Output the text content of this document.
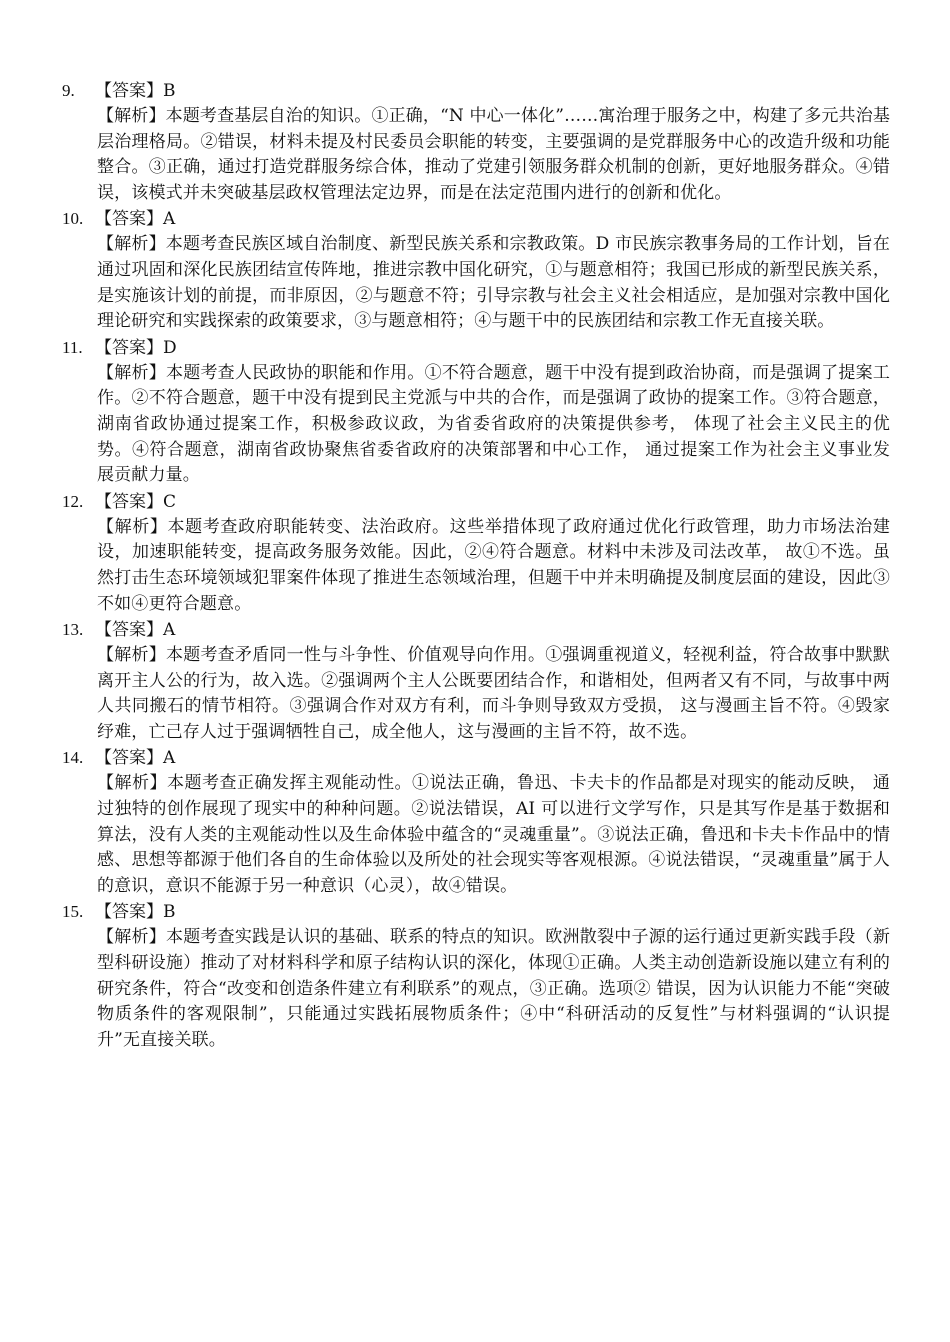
9. 【答案】B
【解析】本题考查基层自治的知识。①正确，“N 中心一体化”……寓治理于服务之中，构建了多元共治基层治理格局。②错误，材料未提及村民委员会职能的转变，主要强调的是党群服务中心的改造升级和功能整合。③正确，通过打造党群服务综合体，推动了党建引领服务群众机制的创新，更好地服务群众。④错误，该模式并未突破基层政权管理法定边界，而是在法定范围内进行的创新和优化。
10. 【答案】A
【解析】本题考查民族区域自治制度、新型民族关系和宗教政策。D 市民族宗教事务局的工作计划，旨在通过巩固和深化民族团结宣传阵地，推进宗教中国化研究，①与题意相符；我国已形成的新型民族关系，是实施该计划的前提，而非原因，②与题意不符；引导宗教与社会主义社会相适应，是加强对宗教中国化理论研究和实践探索的政策要求，③与题意相符；④与题干中的民族团结和宗教工作无直接关联。
11. 【答案】D
【解析】本题考查人民政协的职能和作用。①不符合题意，题干中没有提到政治协商，而是强调了提案工作。②不符合题意，题干中没有提到民主党派与中共的合作，而是强调了政协的提案工作。③符合题意，湖南省政协通过提案工作，积极参政议政，为省委省政府的决策提供参考， 体现了社会主义民主的优势。④符合题意，湖南省政协聚焦省委省政府的决策部署和中心工作， 通过提案工作为社会主义事业发展贡献力量。
12. 【答案】C
【解析】本题考查政府职能转变、法治政府。这些举措体现了政府通过优化行政管理，助力市场法治建设，加速职能转变，提高政务服务效能。因此，②④符合题意。材料中未涉及司法改革， 故①不选。虽然打击生态环境领域犯罪案件体现了推进生态领域治理，但题干中并未明确提及制度层面的建设，因此③不如④更符合题意。
13. 【答案】A
【解析】本题考查矛盾同一性与斗争性、价值观导向作用。①强调重视道义，轻视利益，符合故事中默默离开主人公的行为，故入选。②强调两个主人公既要团结合作，和谐相处，但两者又有不同，与故事中两人共同搬石的情节相符。③强调合作对双方有利，而斗争则导致双方受损， 这与漫画主旨不符。④毁家纾难，亡己存人过于强调牺牲自己，成全他人，这与漫画的主旨不符，故不选。
14. 【答案】A
【解析】本题考查正确发挥主观能动性。①说法正确，鲁迅、卡夫卡的作品都是对现实的能动反映， 通过独特的创作展现了现实中的种种问题。②说法错误，AI 可以进行文学写作，只是其写作是基于数据和算法，没有人类的主观能动性以及生命体验中蕴含的“灵魂重量”。③说法正确，鲁迅和卡夫卡作品中的情感、思想等都源于他们各自的生命体验以及所处的社会现实等客观根源。④说法错误，“灵魂重量”属于人的意识，意识不能源于另一种意识（心灵），故④错误。
15. 【答案】B
【解析】本题考查实践是认识的基础、联系的特点的知识。欧洲散裂中子源的运行通过更新实践手段（新型科研设施）推动了对材料科学和原子结构认识的深化，体现①正确。人类主动创造新设施以建立有利的研究条件，符合“改变和创造条件建立有利联系”的观点，③正确。选项② 错误，因为认识能力不能“突破物质条件的客观限制”，只能通过实践拓展物质条件；④中“科研活动的反复性”与材料强调的“认识提升”无直接关联。
